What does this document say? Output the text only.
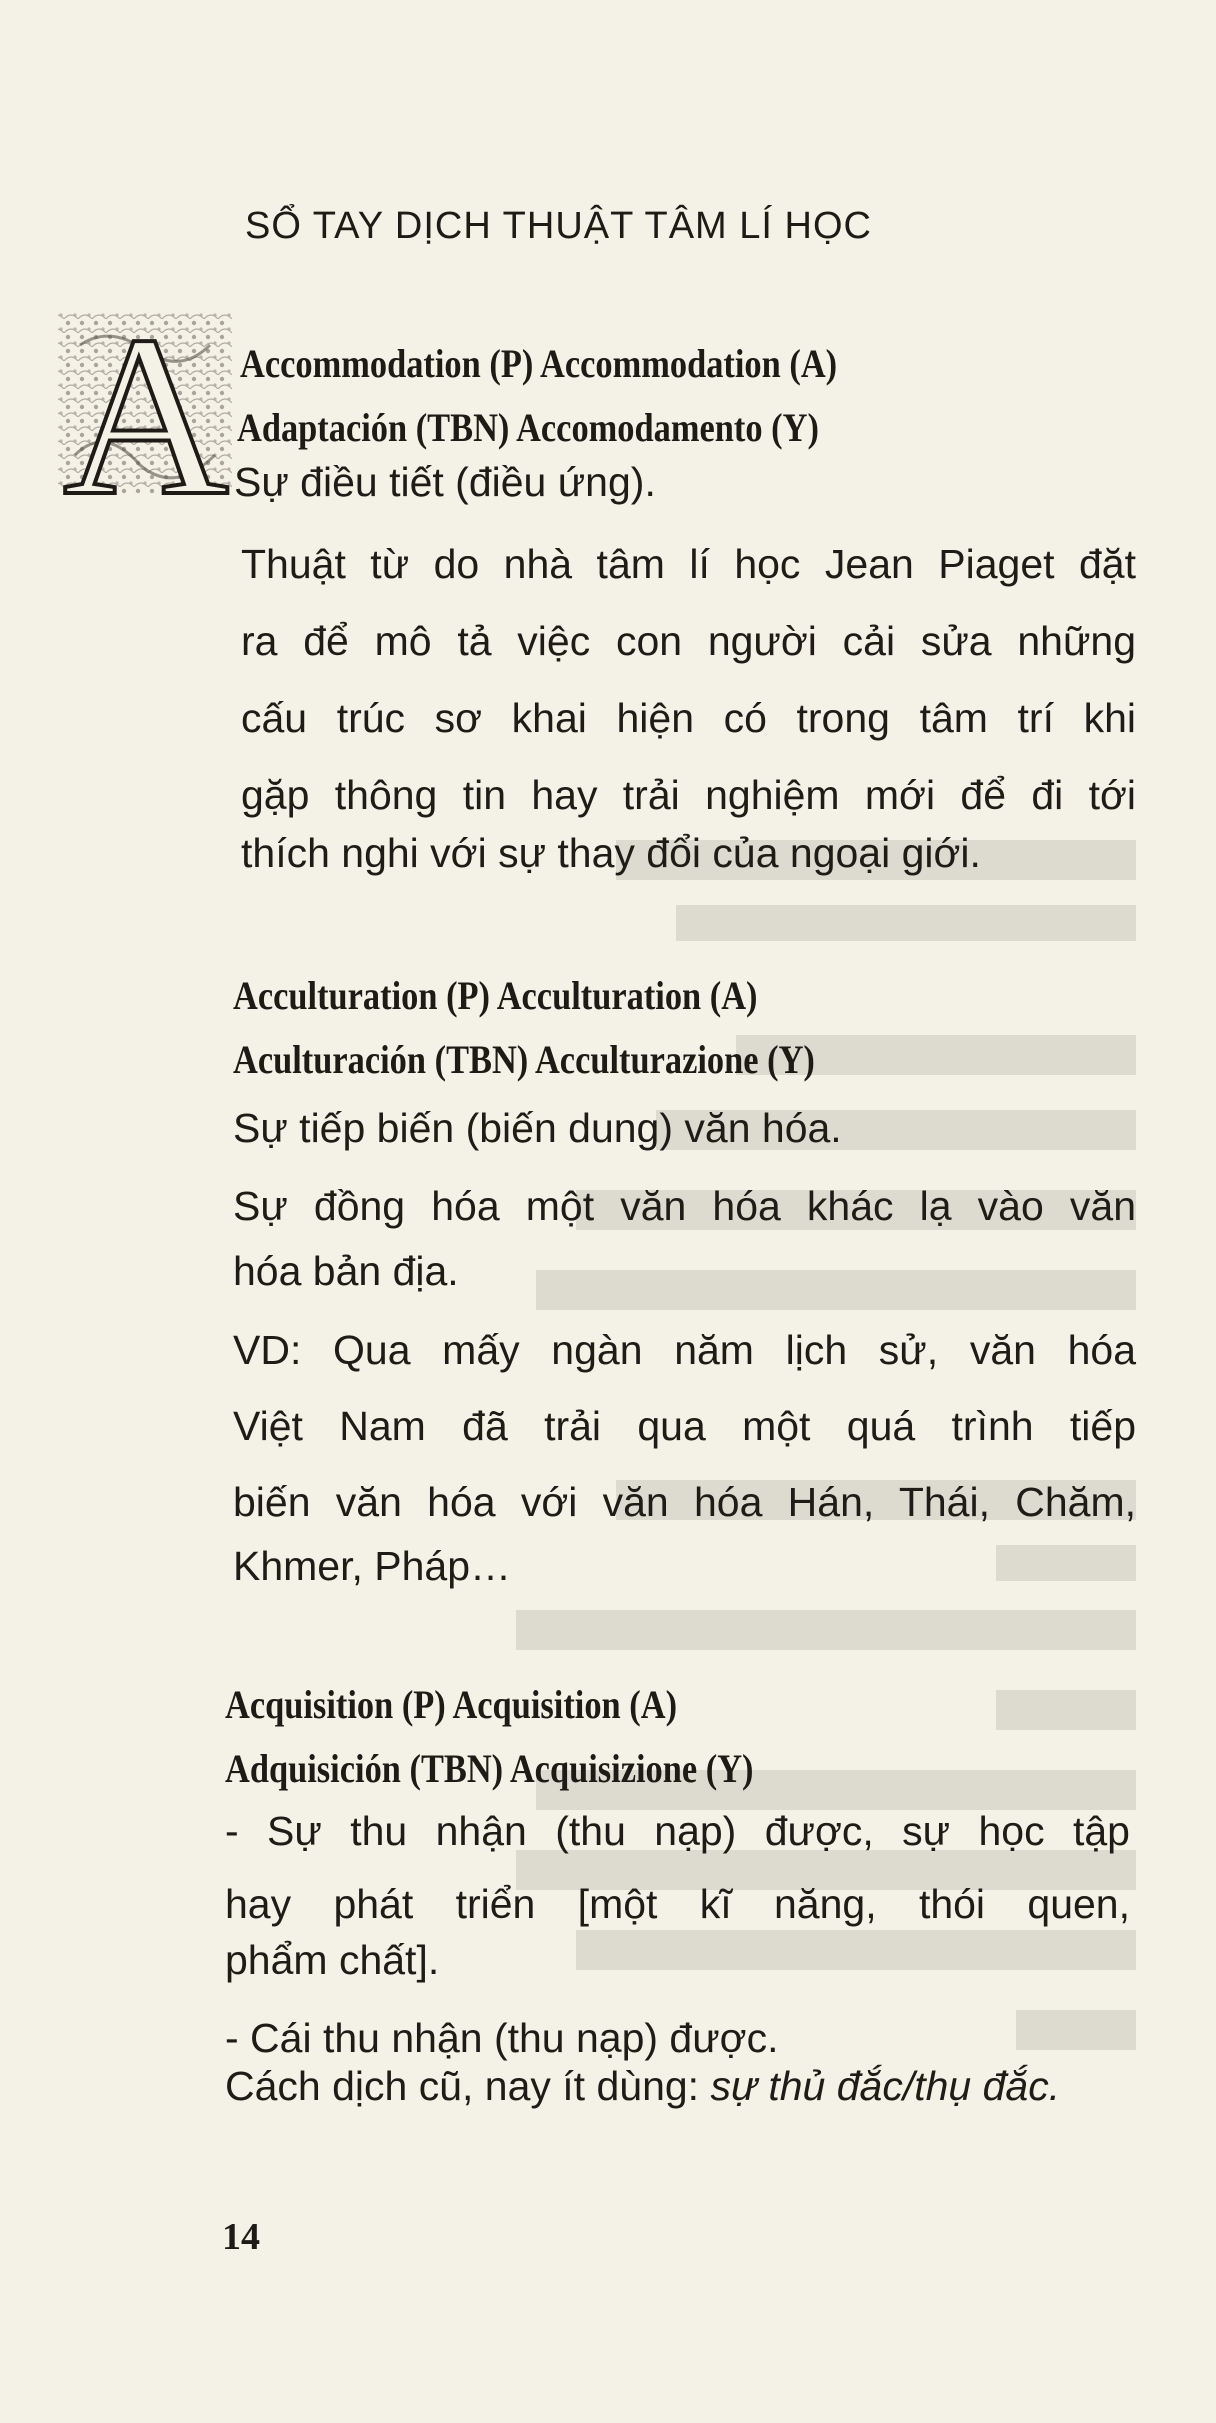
SỔ TAY DỊCH THUẬT TÂM LÍ HỌC
A Accommodation (P) Accommodation (A)
Adaptación (TBN) Accomodamento (Y)
Sự điều tiết (điều ứng).
Thuật từ do nhà tâm lí học Jean Piaget đặt
ra để mô tả việc con người cải sửa những
cấu trúc sơ khai hiện có trong tâm trí khi
gặp thông tin hay trải nghiệm mới để đi tới
thích nghi với sự thay đổi của ngoại giới.
Acculturation (P) Acculturation (A)
Aculturación (TBN) Acculturazione (Y)
Sự tiếp biến (biến dung) văn hóa.
Sự đồng hóa một văn hóa khác lạ vào văn
hóa bản địa.
VD: Qua mấy ngàn năm lịch sử, văn hóa
Việt Nam đã trải qua một quá trình tiếp
biến văn hóa với văn hóa Hán, Thái, Chăm,
Khmer, Pháp…
Acquisition (P) Acquisition (A)
Adquisición (TBN) Acquisizione (Y)
- Sự thu nhận (thu nạp) được, sự học tập
hay phát triển [một kĩ năng, thói quen,
phẩm chất].
- Cái thu nhận (thu nạp) được.
Cách dịch cũ, nay ít dùng: sự thủ đắc/thụ đắc.
14
